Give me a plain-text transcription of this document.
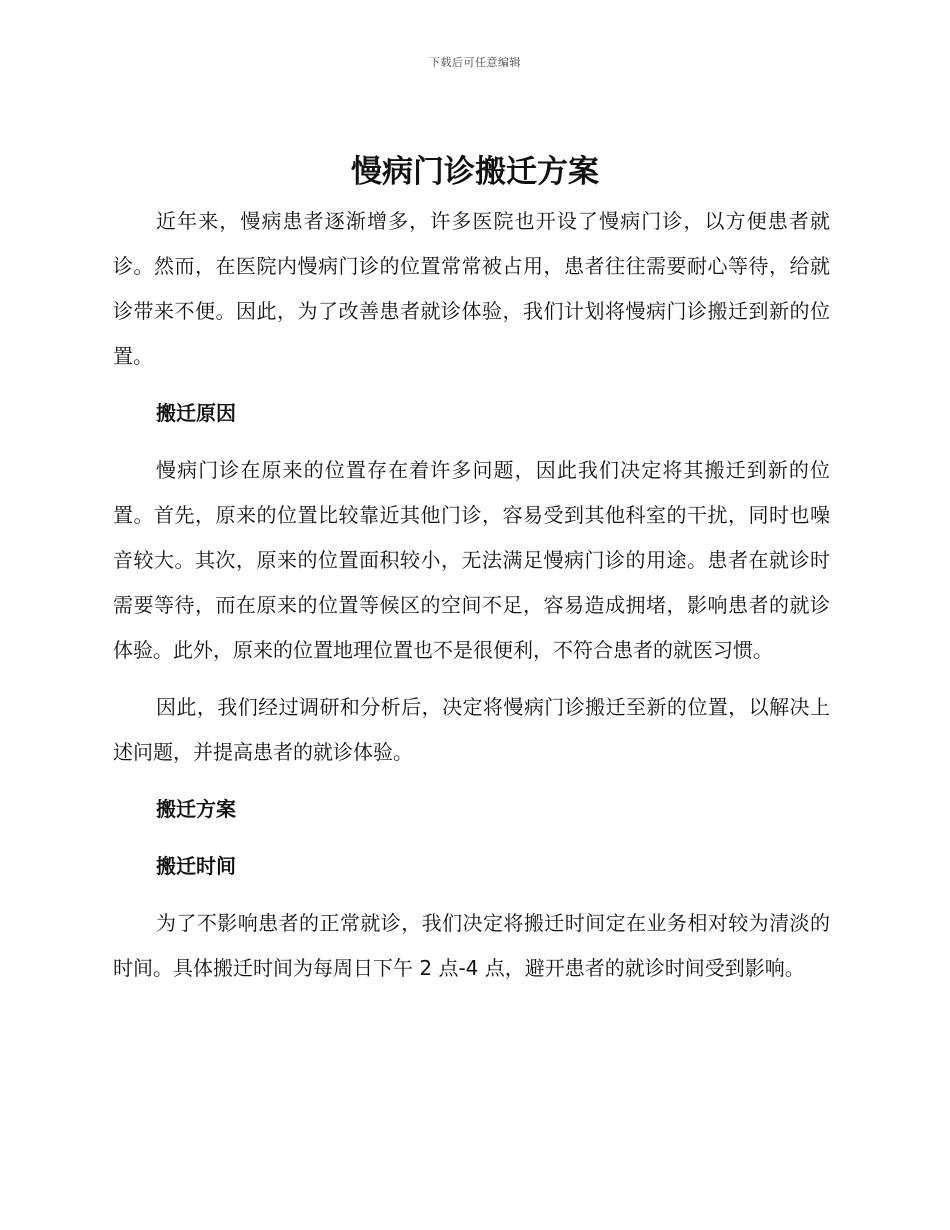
下载后可任意编辑
慢病门诊搬迁方案

近年来，慢病患者逐渐增多，许多医院也开设了慢病门诊，以方便患者就诊。然而，在医院内慢病门诊的位置常常被占用，患者往往需要耐心等待，给就诊带来不便。因此，为了改善患者就诊体验，我们计划将慢病门诊搬迁到新的位置。

搬迁原因

慢病门诊在原来的位置存在着许多问题，因此我们决定将其搬迁到新的位置。首先，原来的位置比较靠近其他门诊，容易受到其他科室的干扰，同时也噪音较大。其次，原来的位置面积较小，无法满足慢病门诊的用途。患者在就诊时需要等待，而在原来的位置等候区的空间不足，容易造成拥堵，影响患者的就诊体验。此外，原来的位置地理位置也不是很便利，不符合患者的就医习惯。

因此，我们经过调研和分析后，决定将慢病门诊搬迁至新的位置，以解决上述问题，并提高患者的就诊体验。

搬迁方案

搬迁时间

为了不影响患者的正常就诊，我们决定将搬迁时间定在业务相对较为清淡的时间。具体搬迁时间为每周日下午 2 点-4 点，避开患者的就诊时间受到影响。
